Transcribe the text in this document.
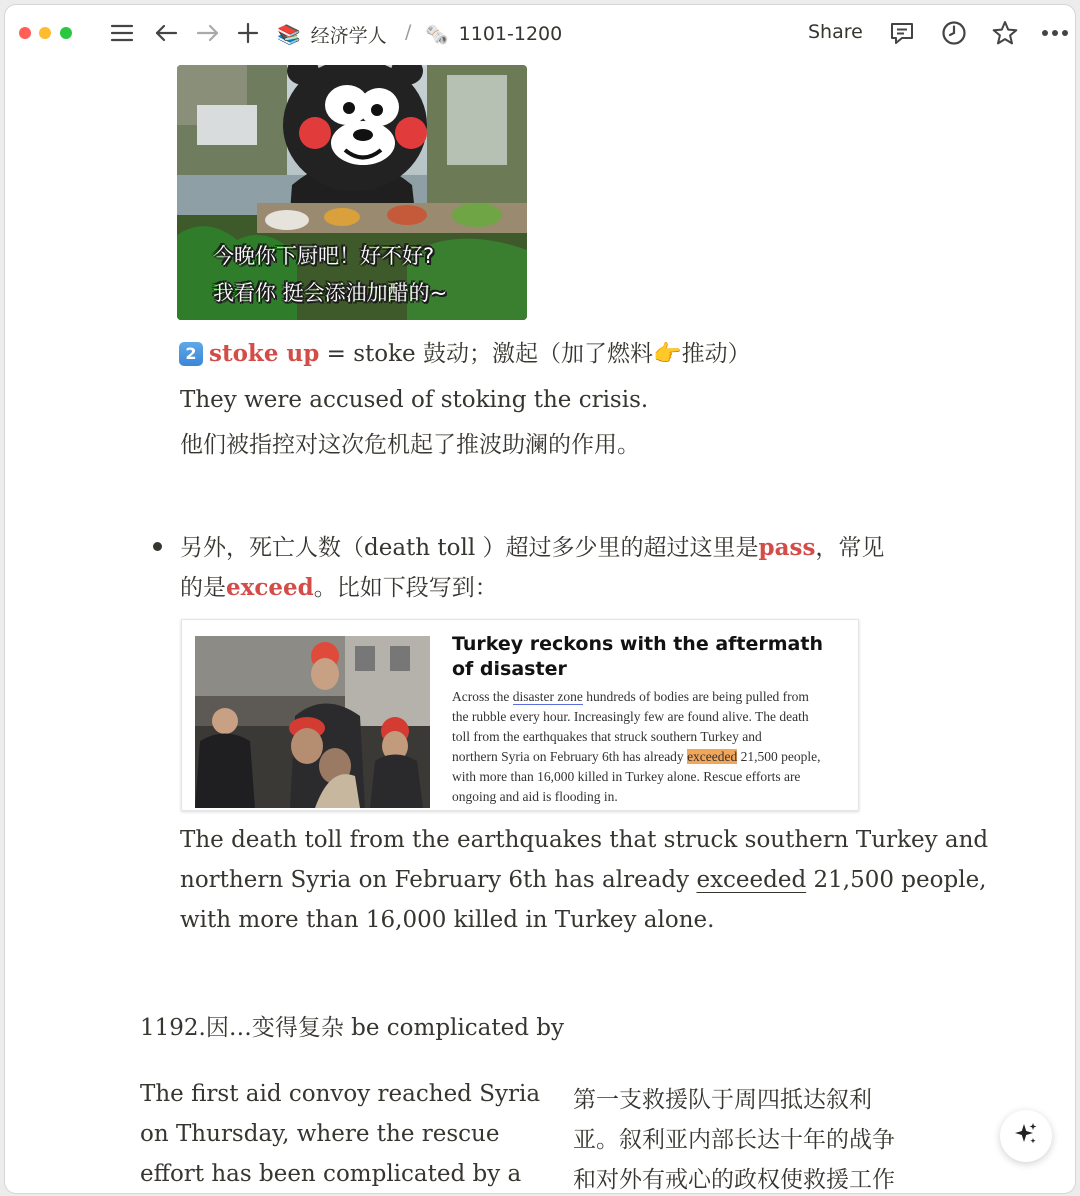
📚 经济学人 / 🗞️ 1101-1200	Share
今晚你下厨吧！好不好?
我看你 挺会添油加醋的~
2 stoke up = stoke 鼓动；激起（加了燃料👉推动）
They were accused of stoking the crisis.
他们被指控对这次危机起了推波助澜的作用。
另外，死亡人数（death toll ）超过多少里的超过这里是pass，常见
的是exceed。比如下段写到：
Turkey reckons with the aftermath of disaster
Across the disaster zone hundreds of bodies are being pulled from
the rubble every hour. Increasingly few are found alive. The death
toll from the earthquakes that struck southern Turkey and
northern Syria on February 6th has already exceeded 21,500 people,
with more than 16,000 killed in Turkey alone. Rescue efforts are
ongoing and aid is flooding in.
The death toll from the earthquakes that struck southern Turkey and
northern Syria on February 6th has already exceeded 21,500 people,
with more than 16,000 killed in Turkey alone.
1192.因…变得复杂 be complicated by
The first aid convoy reached Syria
on Thursday, where the rescue
effort has been complicated by a
第一支救援队于周四抵达叙利
亚。叙利亚内部长达十年的战争
和对外有戒心的政权使救援工作
